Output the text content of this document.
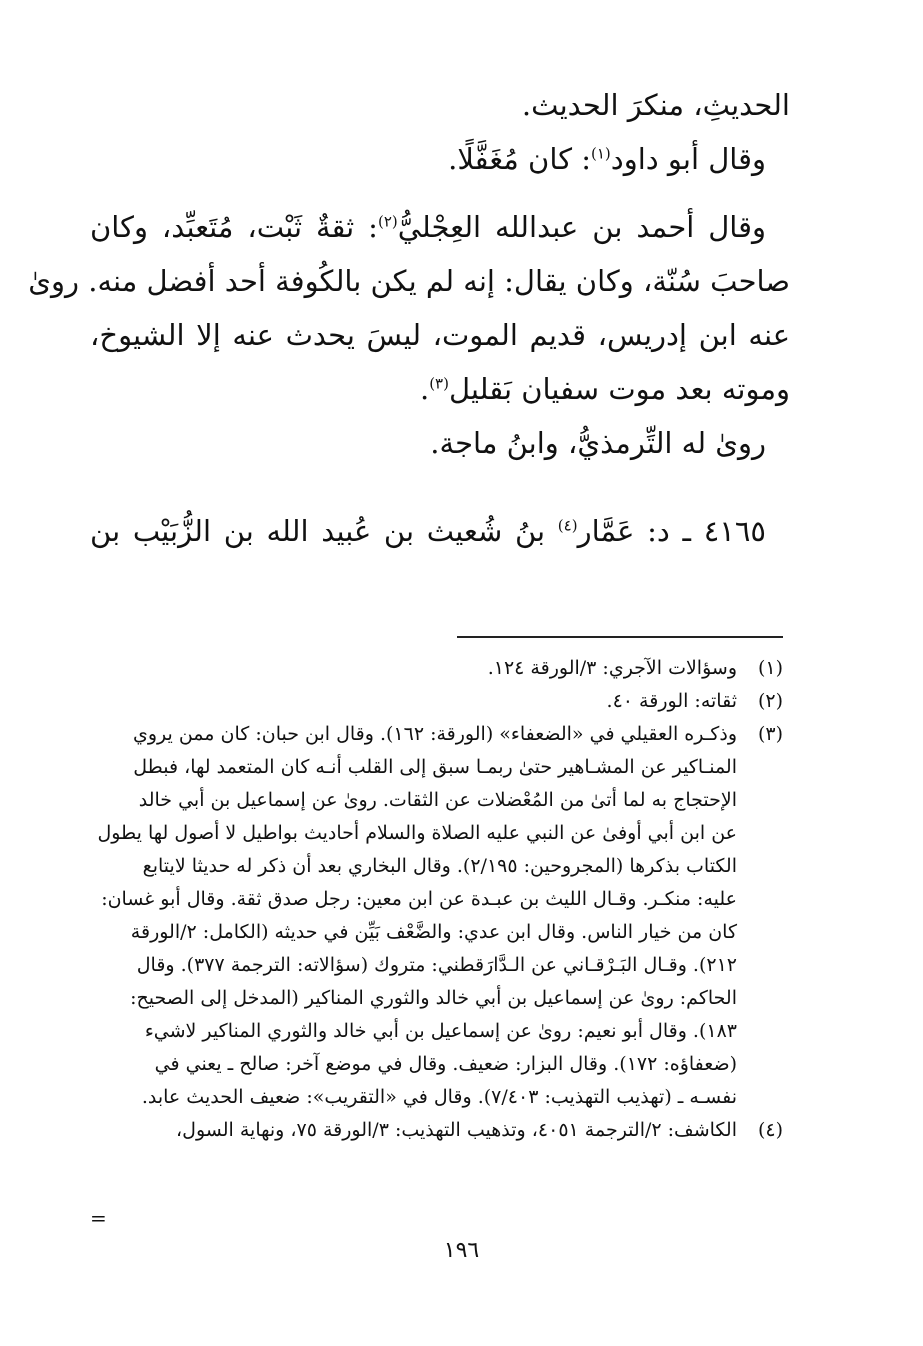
الحديثِ، منكرَ الحديث.
وقال أبو داود$^{(١)}$: كان مُغَفَّلًا.
وقال أحمد بن عبدالله العِجْليُّ$^{(٢)}$: ثقةٌ ثَبْت، مُتَعبِّد، وكان
صاحبَ سُنّة، وكان يقال: إنه لم يكن بالكُوفة أحد أفضل منه. روىٰ
عنه ابن إدريس، قديم الموت، ليسَ يحدث عنه إلا الشيوخ،
وموته بعد موت سفيان بَقليل$^{(٣)}$.
روىٰ له التِّرمذيُّ، وابنُ ماجة.
٤١٦٥ ـ د: عَمَّار$^{(٤)}$ بنُ شُعيث بن عُبيد الله بن الزُّبَيْب بن
(١)
وسؤالات الآجري: ٣/الورقة ١٢٤.
(٢)
ثقاته: الورقة ٤٠.
(٣)
وذكـره العقيلي في «الضعفاء» (الورقة: ١٦٢). وقال ابن حبان: كان ممن يروي
المنـاكير عن المشـاهير حتىٰ ربمـا سبق إلى القلب أنـه كان المتعمد لها، فبطل
الإحتجاج به لما أتىٰ من المُعْضلات عن الثقات. روىٰ عن إسماعيل بن أبي خالد
عن ابن أبي أوفىٰ عن النبي عليه الصلاة والسلام أحاديث بواطيل لا أصول لها يطول
الكتاب بذكرها (المجروحين: ٢/١٩٥). وقال البخاري بعد أن ذكر له حديثا لايتابع
عليه: منكـر. وقـال الليث بن عبـدة عن ابن معين: رجل صدق ثقة. وقال أبو غسان:
كان من خيار الناس. وقال ابن عدي: والضَّعْف بَيِّن في حديثه (الكامل: ٢/الورقة
٢١٢). وقـال البَـرْقـاني عن الـدَّارَقطني: متروك (سؤالاته: الترجمة ٣٧٧). وقال
الحاكم: روىٰ عن إسماعيل بن أبي خالد والثوري المناكير (المدخل إلى الصحيح:
١٨٣). وقال أبو نعيم: روىٰ عن إسماعيل بن أبي خالد والثوري المناكير لاشيء
(ضعفاؤه: ١٧٢). وقال البزار: ضعيف. وقال في موضع آخر: صالح ـ يعني في
نفسـه ـ (تهذيب التهذيب: ٧/٤٠٣). وقال في «التقريب»: ضعيف الحديث عابد.
(٤)
الكاشف: ٢/الترجمة ٤٠٥١، وتذهيب التهذيب: ٣/الورقة ٧٥، ونهاية السول،
=
١٩٦
